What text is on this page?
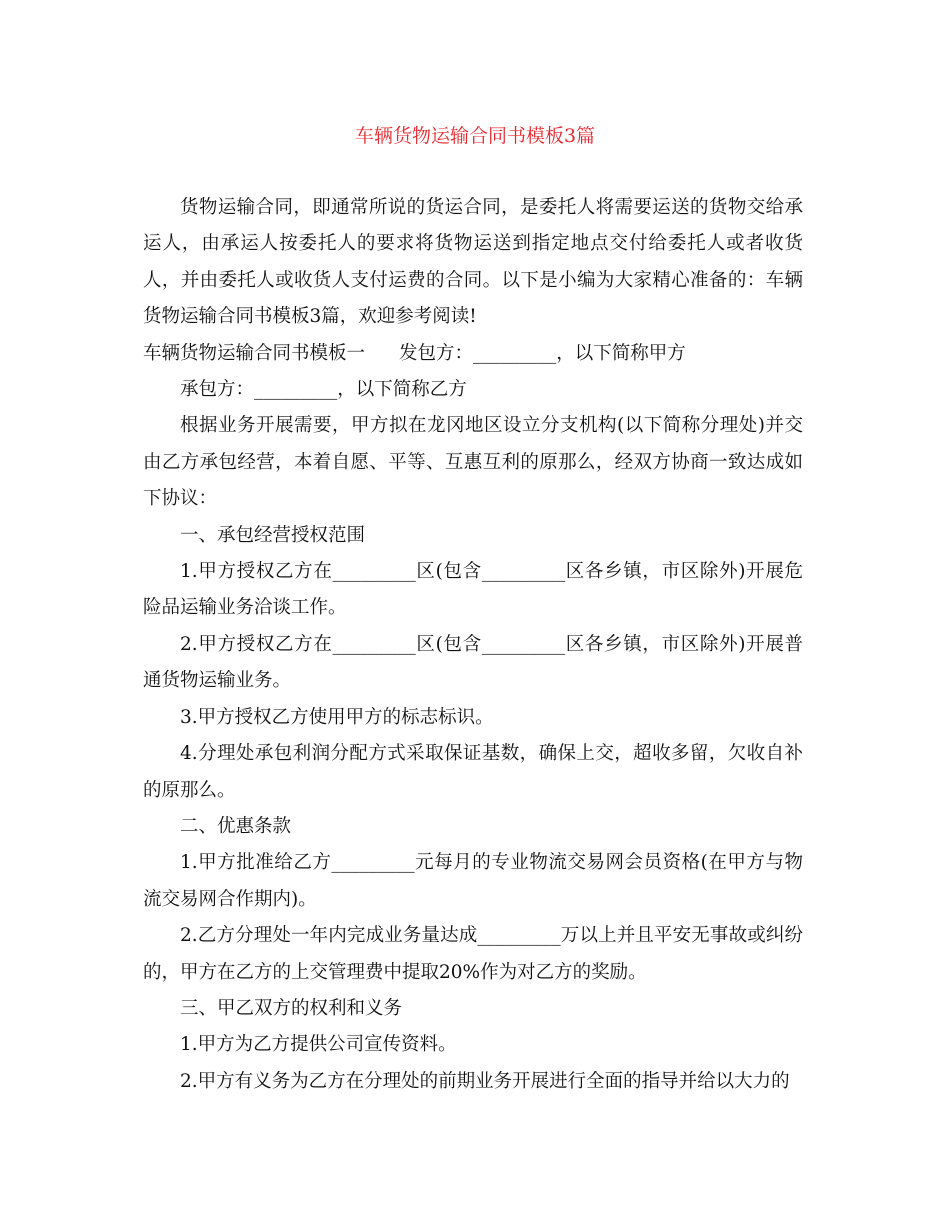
车辆货物运输合同书模板3篇

货物运输合同，即通常所说的货运合同，是委托人将需要运送的货物交给承运人，由承运人按委托人的要求将货物运送到指定地点交付给委托人或者收货人，并由委托人或收货人支付运费的合同。以下是小编为大家精心准备的：车辆货物运输合同书模板3篇，欢迎参考阅读!

车辆货物运输合同书模板一 发包方：_________，以下简称甲方

承包方：_________，以下简称乙方

根据业务开展需要，甲方拟在龙冈地区设立分支机构(以下简称分理处)并交由乙方承包经营，本着自愿、平等、互惠互利的原那么，经双方协商一致达成如下协议：

一、承包经营授权范围

1.甲方授权乙方在_________区(包含_________区各乡镇，市区除外)开展危险品运输业务洽谈工作。

2.甲方授权乙方在_________区(包含_________区各乡镇，市区除外)开展普通货物运输业务。

3.甲方授权乙方使用甲方的标志标识。

4.分理处承包利润分配方式采取保证基数，确保上交，超收多留，欠收自补的原那么。

二、优惠条款

1.甲方批准给乙方_________元每月的专业物流交易网会员资格(在甲方与物流交易网合作期内)。

2.乙方分理处一年内完成业务量达成_________万以上并且平安无事故或纠纷的，甲方在乙方的上交管理费中提取20%作为对乙方的奖励。

三、甲乙双方的权利和义务

1.甲方为乙方提供公司宣传资料。

2.甲方有义务为乙方在分理处的前期业务开展进行全面的指导并给以大力的
